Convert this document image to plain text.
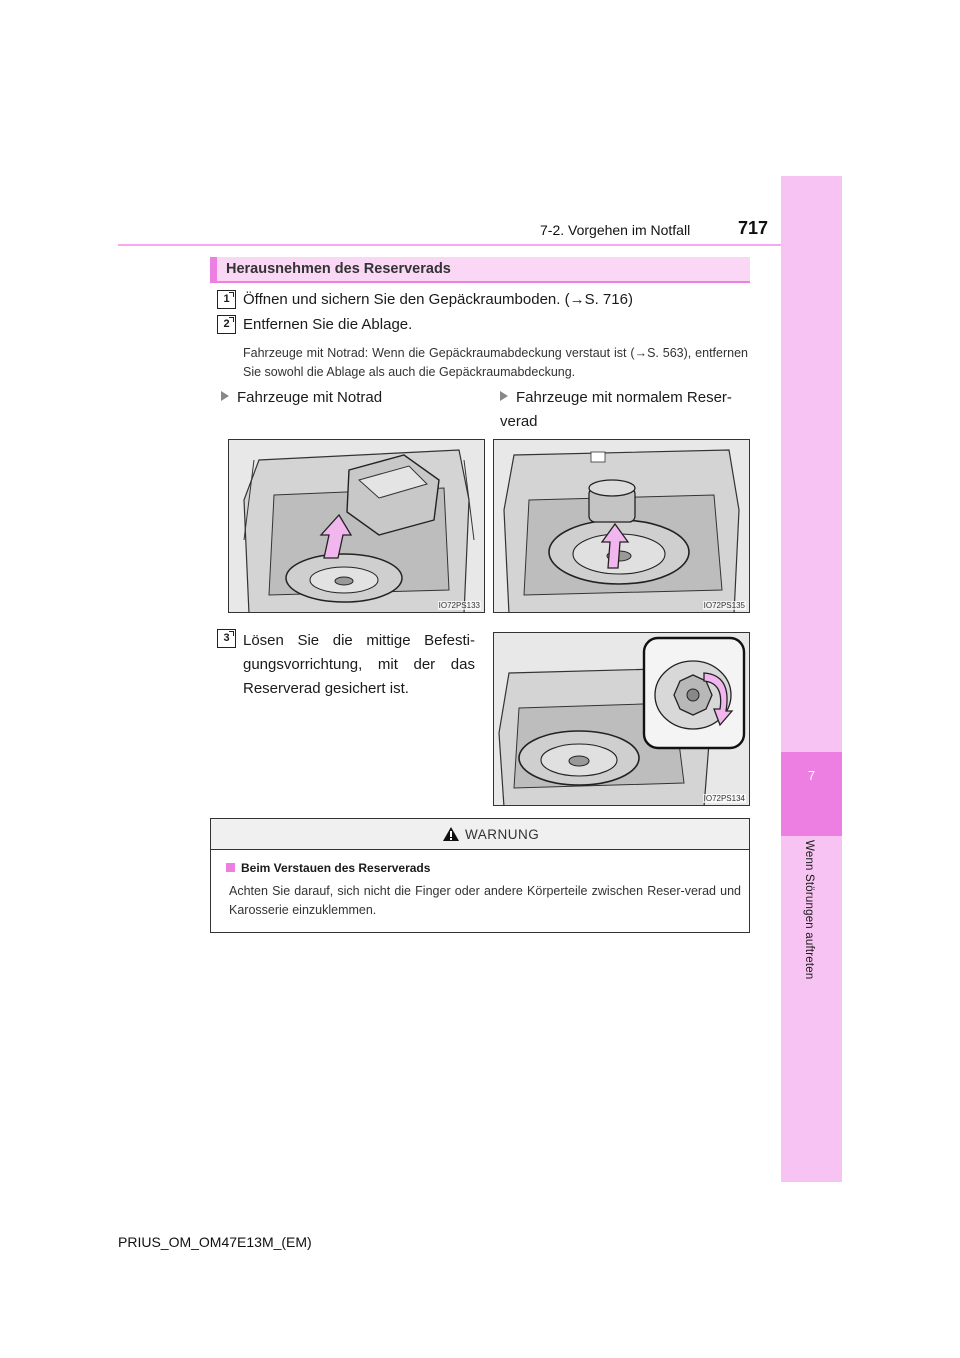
7-2. Vorgehen im Notfall	717
7
Wenn Störungen auftreten
Herausnehmen des Reserverads
1 Öffnen und sichern Sie den Gepäckraumboden. (→S. 716)
2 Entfernen Sie die Ablage.
Fahrzeuge mit Notrad: Wenn die Gepäckraumabdeckung verstaut ist (→S. 563), entfernen Sie sowohl die Ablage als auch die Gepäckraumabdeckung.
Fahrzeuge mit Notrad	Fahrzeuge mit normalem Reser-verad
IO72PS133	IO72PS135
3 Lösen Sie die mittige Befesti-gungsvorrichtung, mit der das Reserverad gesichert ist.
IO72PS134
WARNUNG
Beim Verstauen des Reserverads
Achten Sie darauf, sich nicht die Finger oder andere Körperteile zwischen Reser-verad und Karosserie einzuklemmen.
PRIUS_OM_OM47E13M_(EM)
